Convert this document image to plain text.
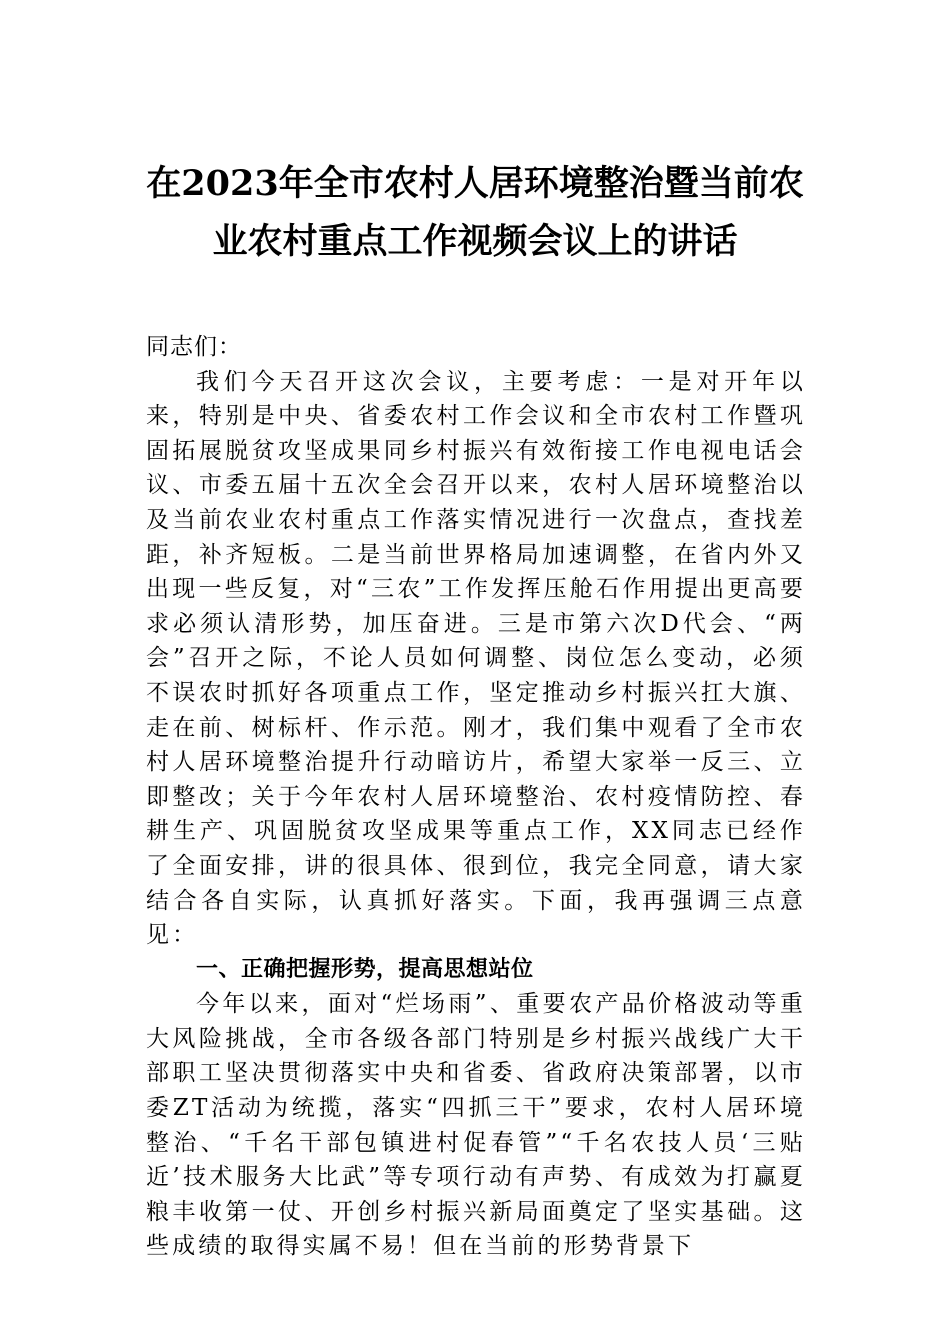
在2023年全市农村人居环境整治暨当前农
业农村重点工作视频会议上的讲话

同志们：

我们今天召开这次会议，主要考虑：一是对开年以来，特别是中央、省委农村工作会议和全市农村工作暨巩固拓展脱贫攻坚成果同乡村振兴有效衔接工作电视电话会议、市委五届十五次全会召开以来，农村人居环境整治以及当前农业农村重点工作落实情况进行一次盘点，查找差距，补齐短板。二是当前世界格局加速调整，在省内外又出现一些反复，对“三农”工作发挥压舱石作用提出更高要求必须认清形势，加压奋进。三是市第六次D代会、“两会”召开之际，不论人员如何调整、岗位怎么变动，必须不误农时抓好各项重点工作，坚定推动乡村振兴扛大旗、走在前、树标杆、作示范。刚才，我们集中观看了全市农村人居环境整治提升行动暗访片，希望大家举一反三、立即整改；关于今年农村人居环境整治、农村疫情防控、春耕生产、巩固脱贫攻坚成果等重点工作，XX同志已经作了全面安排，讲的很具体、很到位，我完全同意，请大家结合各自实际，认真抓好落实。下面，我再强调三点意见：

一、正确把握形势，提高思想站位

今年以来，面对“烂场雨”、重要农产品价格波动等重大风险挑战，全市各级各部门特别是乡村振兴战线广大干部职工坚决贯彻落实中央和省委、省政府决策部署，以市委ZT活动为统揽，落实“四抓三干”要求，农村人居环境整治、“千名干部包镇进村促春管”“千名农技人员‘三贴近’技术服务大比武”等专项行动有声势、有成效为打赢夏粮丰收第一仗、开创乡村振兴新局面奠定了坚实基础。这些成绩的取得实属不易！但在当前的形势背景下
